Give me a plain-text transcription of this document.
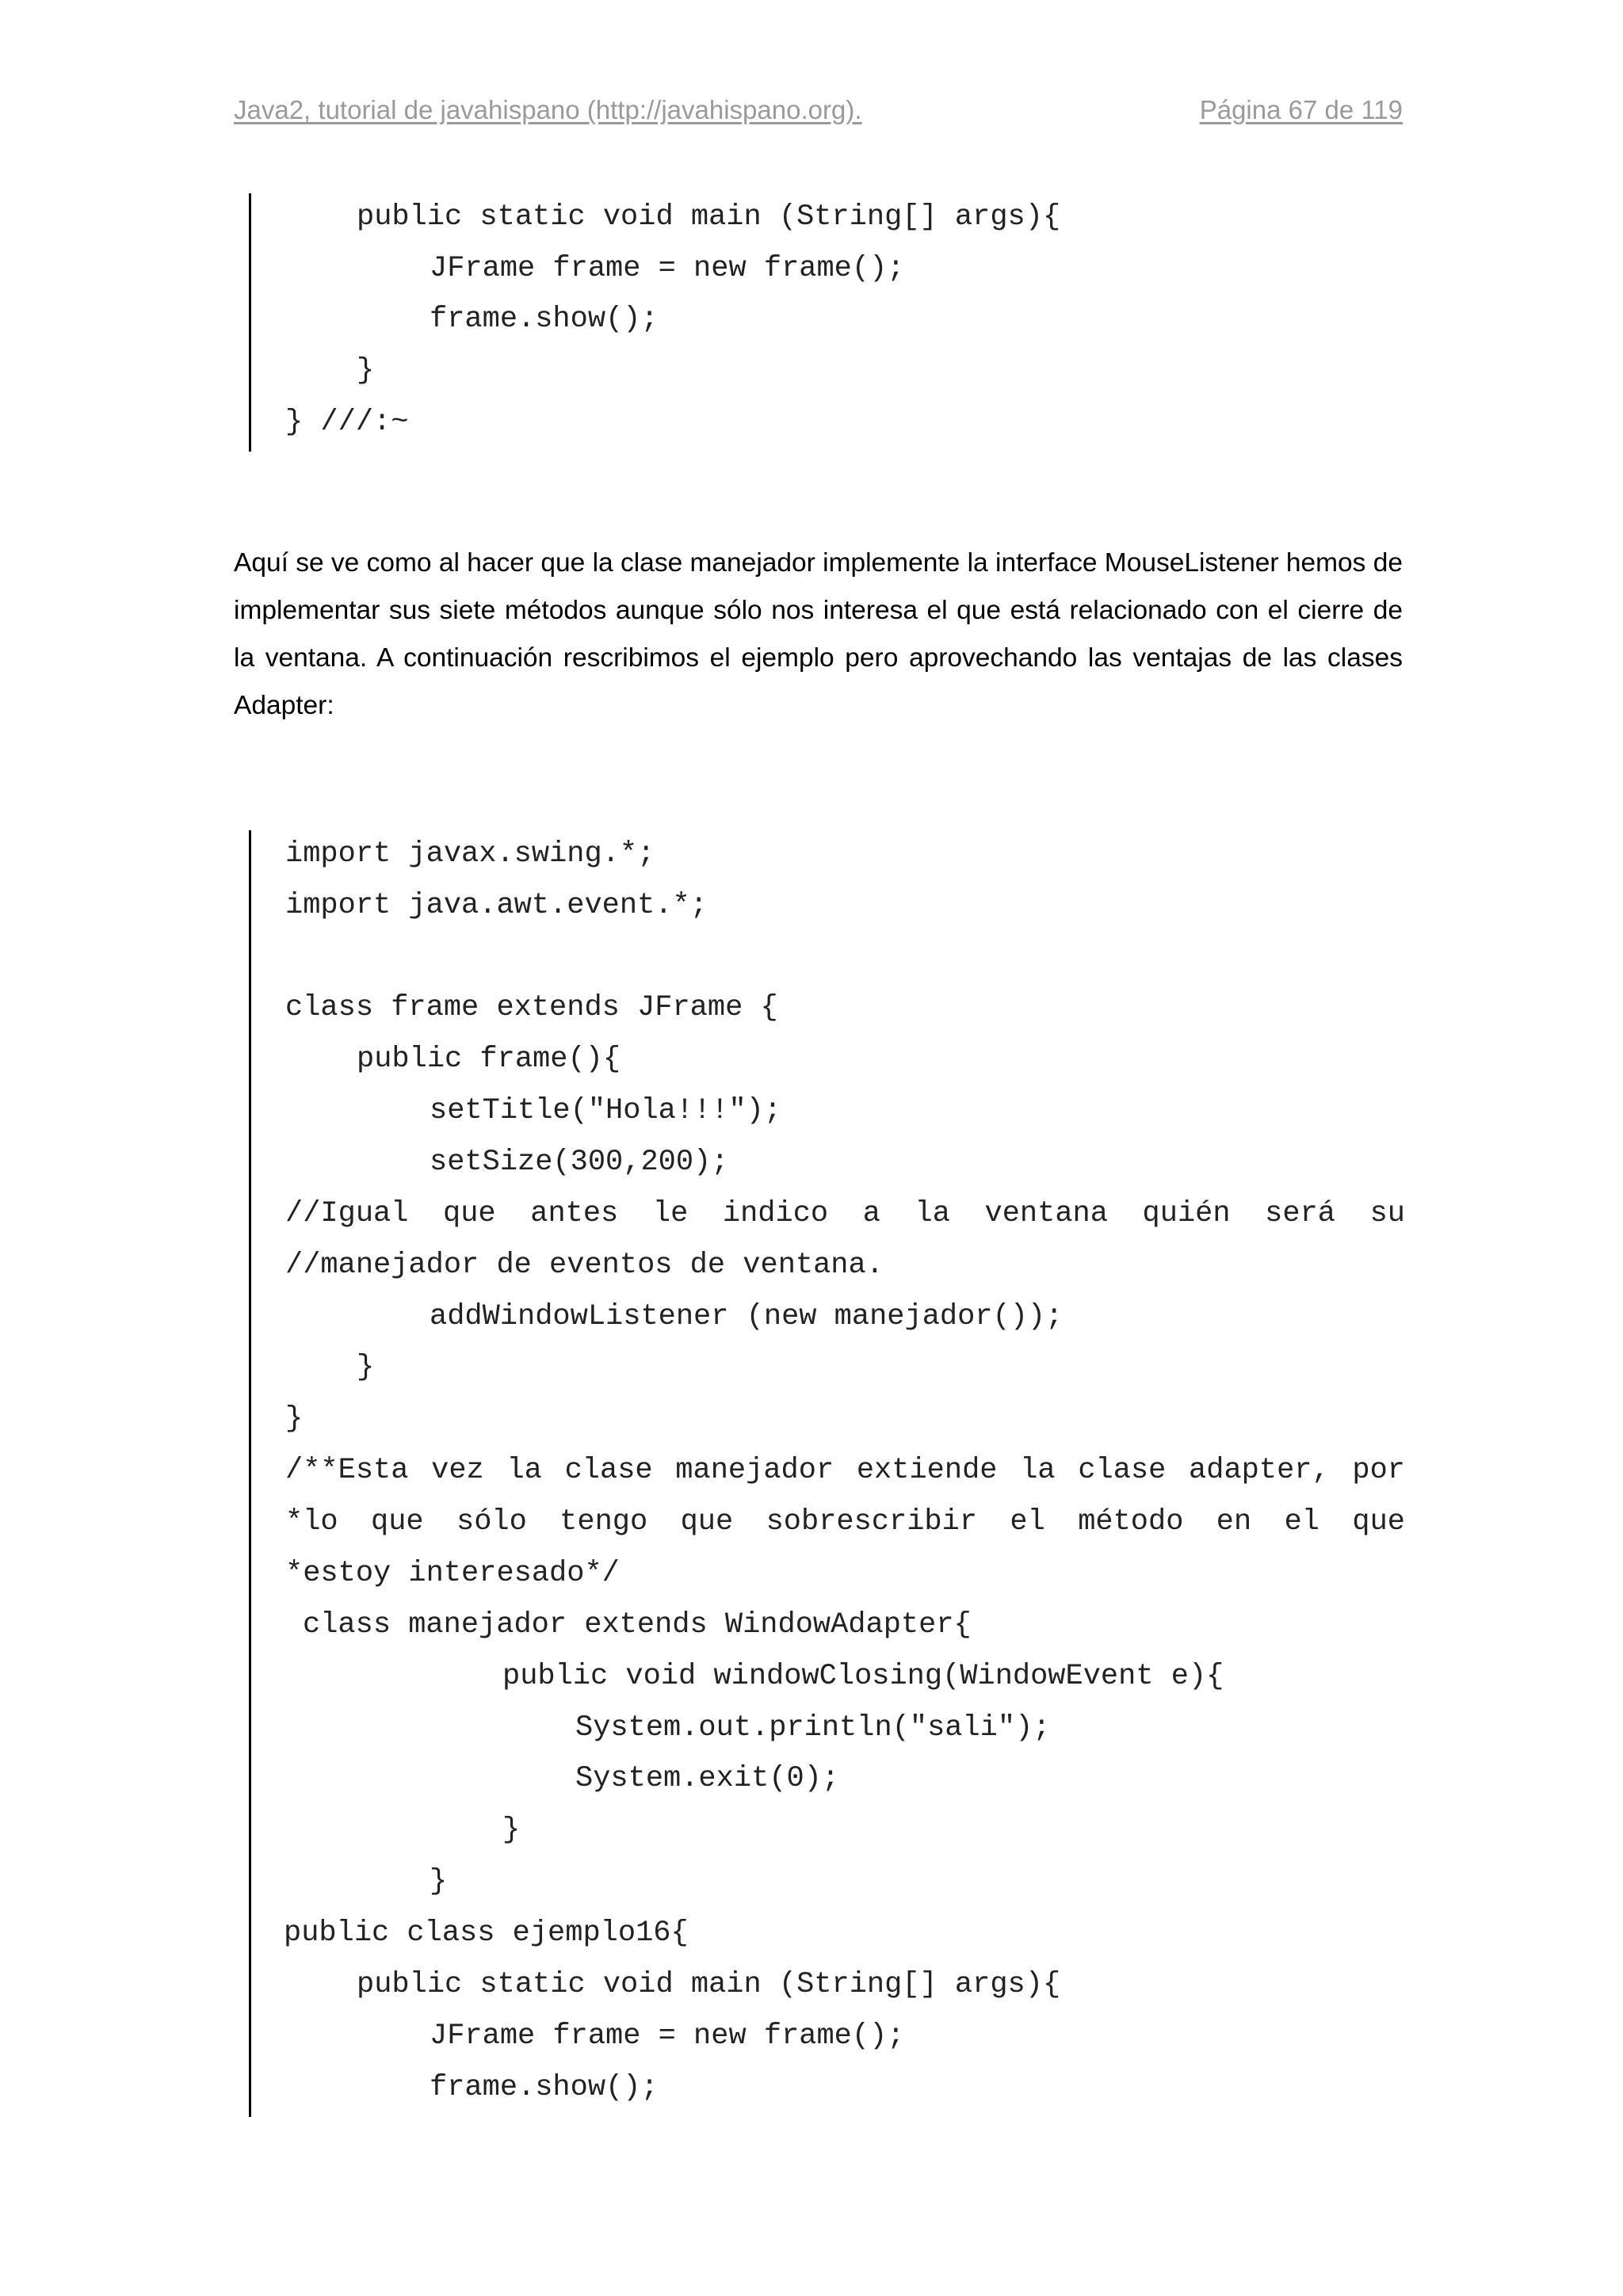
Java2, tutorial de javahispano (http://javahispano.org).	Página 67 de 119
public static void main (String[] args){
JFrame frame = new frame();
frame.show();
}
} ///:~
Aquí se ve como al hacer que la clase manejador implemente la interface MouseListener hemos de implementar sus siete métodos aunque sólo nos interesa el que está relacionado con el cierre de la ventana. A continuación rescribimos el ejemplo pero aprovechando las ventajas de las clases Adapter:
import javax.swing.*;
import java.awt.event.*;
class frame extends JFrame {
public frame(){
setTitle("Hola!!!");
setSize(300,200);
//Igual que antes le indico a la ventana quién será su
//manejador de eventos de ventana.
addWindowListener (new manejador());
}
}
/**Esta vez la clase manejador extiende la clase adapter, por
*lo que sólo tengo que sobrescribir el método en el que
*estoy interesado*/
class manejador extends WindowAdapter{
public void windowClosing(WindowEvent e){
System.out.println("sali");
System.exit(0);
}
}
public class ejemplo16{
public static void main (String[] args){
JFrame frame = new frame();
frame.show();
